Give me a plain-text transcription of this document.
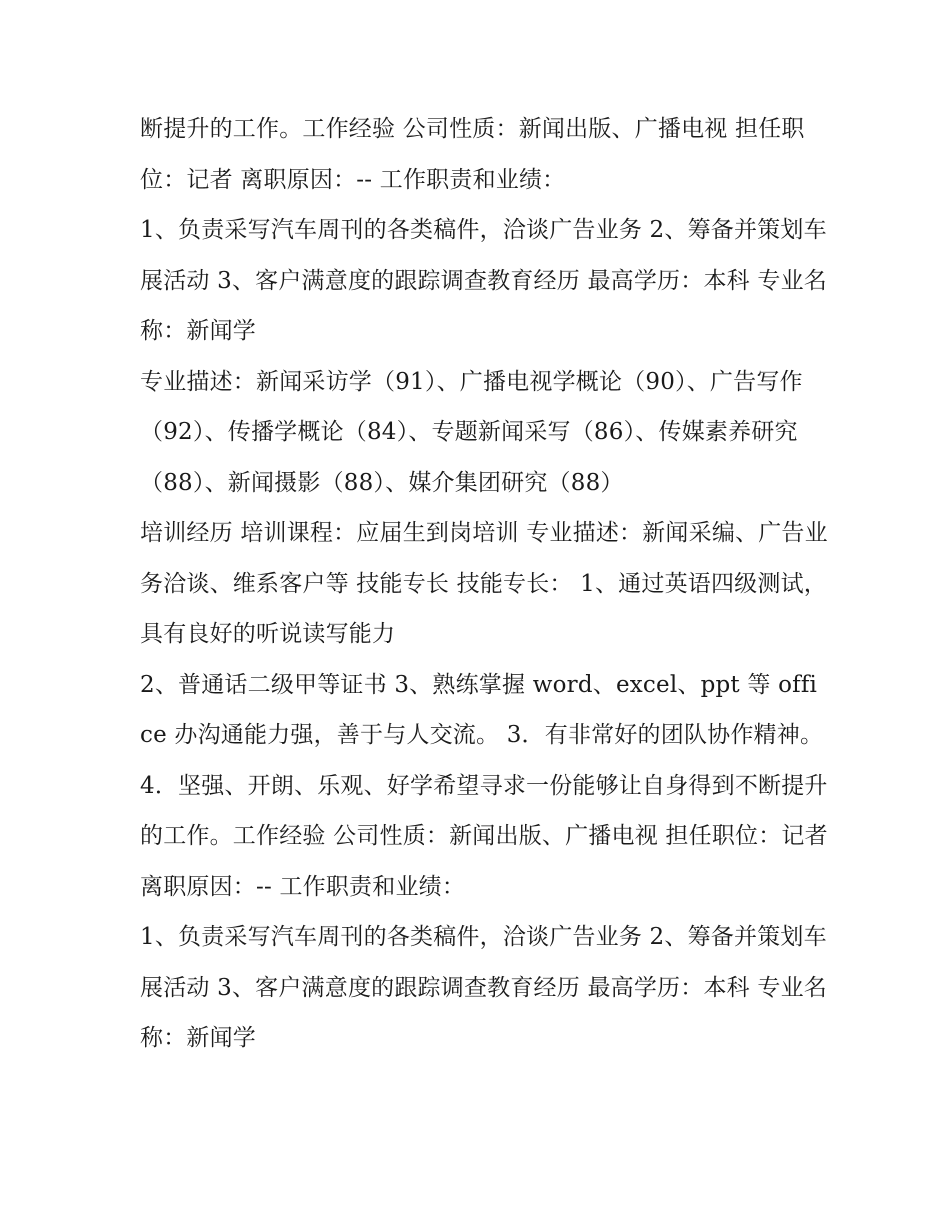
断提升的工作。工作经验 公司性质：新闻出版、广播电视 担任职位：记者 离职原因：-- 工作职责和业绩：

1、负责采写汽车周刊的各类稿件，洽谈广告业务 2、筹备并策划车展活动 3、客户满意度的跟踪调查教育经历 最高学历：本科 专业名称：新闻学

专业描述：新闻采访学（91）、广播电视学概论（90）、广告写作（92）、传播学概论（84）、专题新闻采写（86）、传媒素养研究（88）、新闻摄影（88）、媒介集团研究（88）

培训经历 培训课程：应届生到岗培训 专业描述：新闻采编、广告业务洽谈、维系客户等 技能专长 技能专长： 1、通过英语四级测试，具有良好的听说读写能力

2、普通话二级甲等证书 3、熟练掌握 word、excel、ppt 等 office 办沟通能力强，善于与人交流。 3．有非常好的团队协作精神。

4．坚强、开朗、乐观、好学希望寻求一份能够让自身得到不断提升的工作。工作经验 公司性质：新闻出版、广播电视 担任职位：记者 离职原因：-- 工作职责和业绩：

1、负责采写汽车周刊的各类稿件，洽谈广告业务 2、筹备并策划车展活动 3、客户满意度的跟踪调查教育经历 最高学历：本科 专业名称：新闻学
